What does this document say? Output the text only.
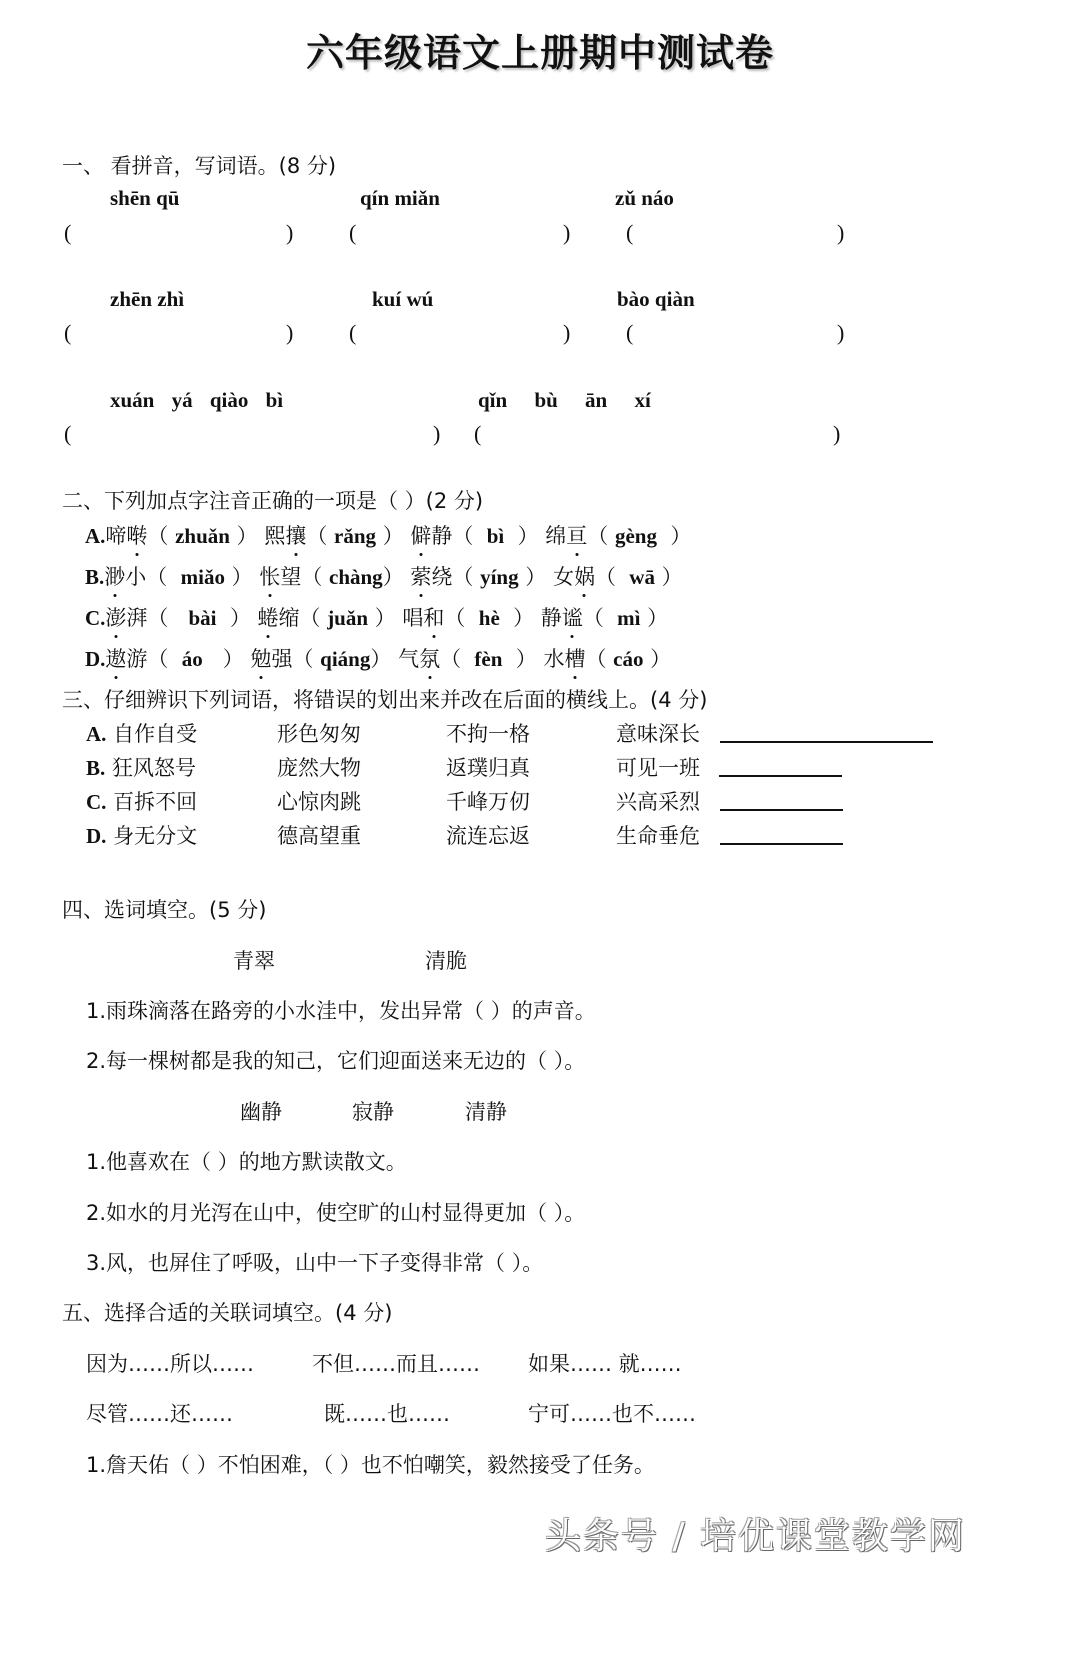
六年级语文上册期中测试卷
一、 看拼音，写词语。(8 分)
shēn qū	qín miǎn	zǔ náo
(	)	(	)	(	)
zhēn zhì	kuí wú	bào qiàn
(	)	(	)	(	)
xuán yá qiào bì	qǐn bù ān xí
(	) (	)
二、下列加点字注音正确的一项是（ ）(2 分)
A.啼啭（ zhuǎn ） 熙攘（ rǎng ） 僻静（  bì  ） 绵亘（ gèng  ）
B.渺小（  miǎo ） 怅望（ chàng） 萦绕（ yíng ） 女娲（  wā ）
C.澎湃（   bài  ） 蜷缩（ juǎn ） 唱和（  hè  ） 静谧（  mì ）
D.遨游（  áo   ） 勉强（ qiáng） 气氛（  fèn  ） 水槽（ cáo ）
三、仔细辨识下列词语，将错误的划出来并改在后面的横线上。(4 分)
A. 自作自受	形色匆匆	不拘一格	意味深长
B. 狂风怒号	庞然大物	返璞归真	可见一班
C. 百拆不回	心惊肉跳	千峰万仞	兴高采烈
D. 身无分文	德高望重	流连忘返	生命垂危
四、选词填空。(5 分)
青翠	清脆
1.雨珠滴落在路旁的小水洼中，发出异常（ ）的声音。
2.每一棵树都是我的知己，它们迎面送来无边的（ ）。
幽静	寂静	清静
1.他喜欢在（ ）的地方默读散文。
2.如水的月光泻在山中，使空旷的山村显得更加（ ）。
3.风，也屏住了呼吸，山中一下子变得非常（ ）。
五、选择合适的关联词填空。(4 分)
因为……所以……	不但……而且…… 如果…… 就……
尽管……还……	既……也……	宁可……也不……
1.詹天佑（ ）不怕困难，（ ）也不怕嘲笑，毅然接受了任务。
头条号 / 培优课堂教学网
